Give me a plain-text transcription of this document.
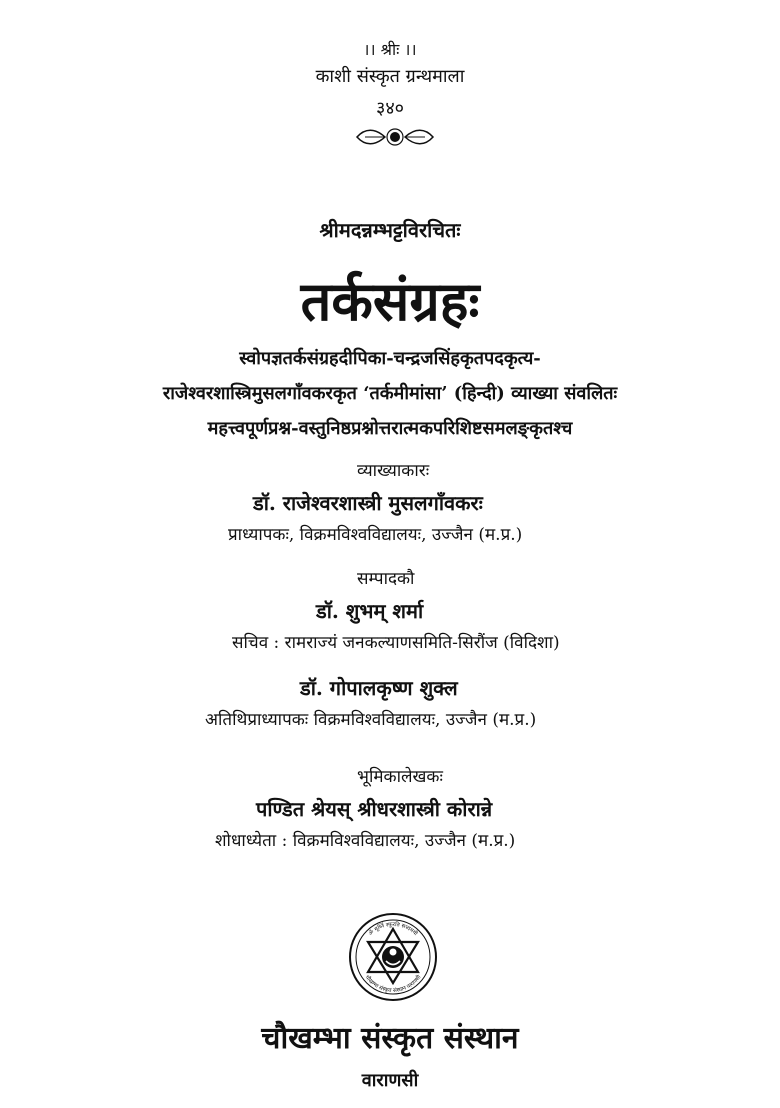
।। श्रीः ।।
काशी संस्कृत ग्रन्थमाला
३४०
श्रीमदन्नम्भट्टविरचितः
तर्कसंग्रहः
स्वोपज्ञतर्कसंग्रहदीपिका-चन्द्रजसिंहकृतपदकृत्य-
राजेश्वरशास्त्रिमुसलगाँवकरकृत ‘तर्कमीमांसा’ (हिन्दी) व्याख्या संवलितः
महत्त्वपूर्णप्रश्न-वस्तुनिष्ठप्रश्नोत्तरात्मकपरिशिष्टसमलङ्कृतश्च
व्याख्याकारः
डॉ. राजेश्वरशास्त्री मुसलगाँवकरः
प्राध्यापकः, विक्रमविश्वविद्यालयः, उज्जैन (म.प्र.)
सम्पादकौ
डॉ. शुभम् शर्मा
सचिव : रामराज्यं जनकल्याणसमिति-सिरौंज (विदिशा)
डॉ. गोपालकृष्ण शुक्ल
अतिथिप्राध्यापकः विक्रमविश्वविद्यालयः, उज्जैन (म.प्र.)
भूमिकालेखकः
पण्डित श्रेयस् श्रीधरशास्त्री कोरान्ने
शोधाध्येता : विक्रमविश्वविद्यालयः, उज्जैन (म.प्र.)
ॐ मूर्ध्नि स्फुरति सत्त्वमयी
चौखम्भा संस्कृत संस्थान वाराणसी
चौखम्भा संस्कृत संस्थान
वाराणसी
